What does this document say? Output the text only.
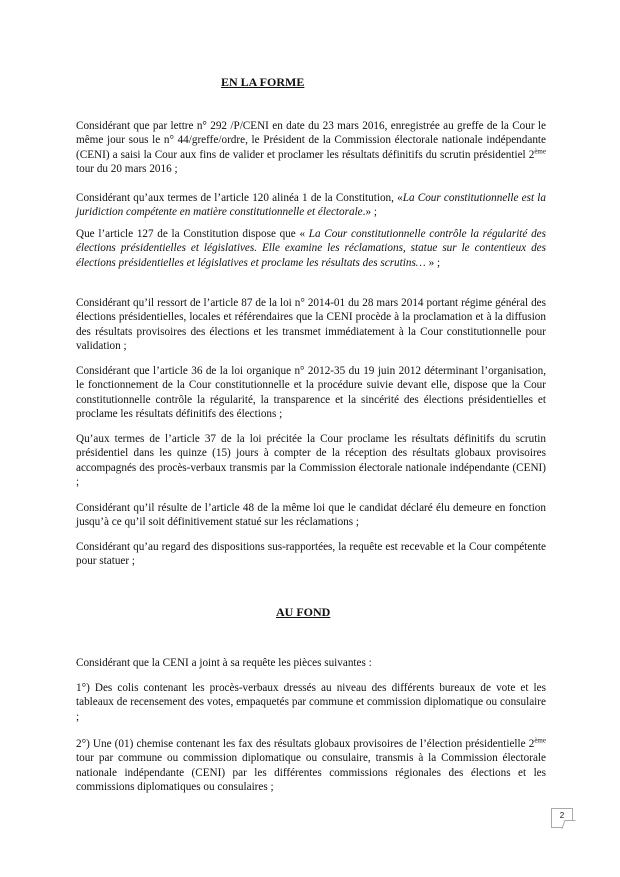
EN LA FORME

Considérant que par lettre n° 292 /P/CENI en date du 23 mars 2016, enregistrée au greffe de la Cour le même jour sous le n° 44/greffe/ordre, le Président de la Commission électorale nationale indépendante (CENI) a saisi la Cour aux fins de valider et proclamer les résultats définitifs du scrutin présidentiel 2ème tour du 20 mars 2016 ;

Considérant qu’aux termes de l’article 120 alinéa 1 de la Constitution, «La Cour constitutionnelle est la juridiction compétente en matière constitutionnelle et électorale.» ;

Que l’article 127 de la Constitution dispose que « La Cour constitutionnelle contrôle la régularité des élections présidentielles et législatives. Elle examine les réclamations, statue sur le contentieux des élections présidentielles et législatives et proclame les résultats des scrutins… » ;

Considérant qu’il ressort de l’article 87 de la loi n° 2014-01 du 28 mars 2014 portant régime général des élections présidentielles, locales et référendaires que la CENI procède à la proclamation et à la diffusion des résultats provisoires des élections et les transmet immédiatement à la Cour constitutionnelle pour validation ;

Considérant que l’article 36 de la loi organique n° 2012-35 du 19 juin 2012 déterminant l’organisation, le fonctionnement de la Cour constitutionnelle et la procédure suivie devant elle, dispose que la Cour constitutionnelle contrôle la régularité, la transparence et la sincérité des élections présidentielles et proclame les résultats définitifs des élections ;

Qu’aux termes de l’article 37 de la loi précitée la Cour proclame les résultats définitifs du scrutin présidentiel dans les quinze (15) jours à compter de la réception des résultats globaux provisoires accompagnés des procès-verbaux transmis par la Commission électorale nationale indépendante (CENI) ;

Considérant qu’il résulte de l’article 48 de la même loi que le candidat déclaré élu demeure en fonction jusqu’à ce qu’il soit définitivement statué sur les réclamations ;

Considérant qu’au regard des dispositions sus-rapportées, la requête est recevable et la Cour compétente pour statuer ;

AU FOND

Considérant que la CENI a joint à sa requête les pièces suivantes :

1°) Des colis contenant les procès-verbaux dressés au niveau des différents bureaux de vote et les tableaux de recensement des votes, empaquetés par commune et commission diplomatique ou consulaire ;

2°) Une (01) chemise contenant les fax des résultats globaux provisoires de l’élection présidentielle 2ème tour par commune ou commission diplomatique ou consulaire, transmis à la Commission électorale nationale indépendante (CENI) par les différentes commissions régionales des élections et les commissions diplomatiques ou consulaires ;

2
